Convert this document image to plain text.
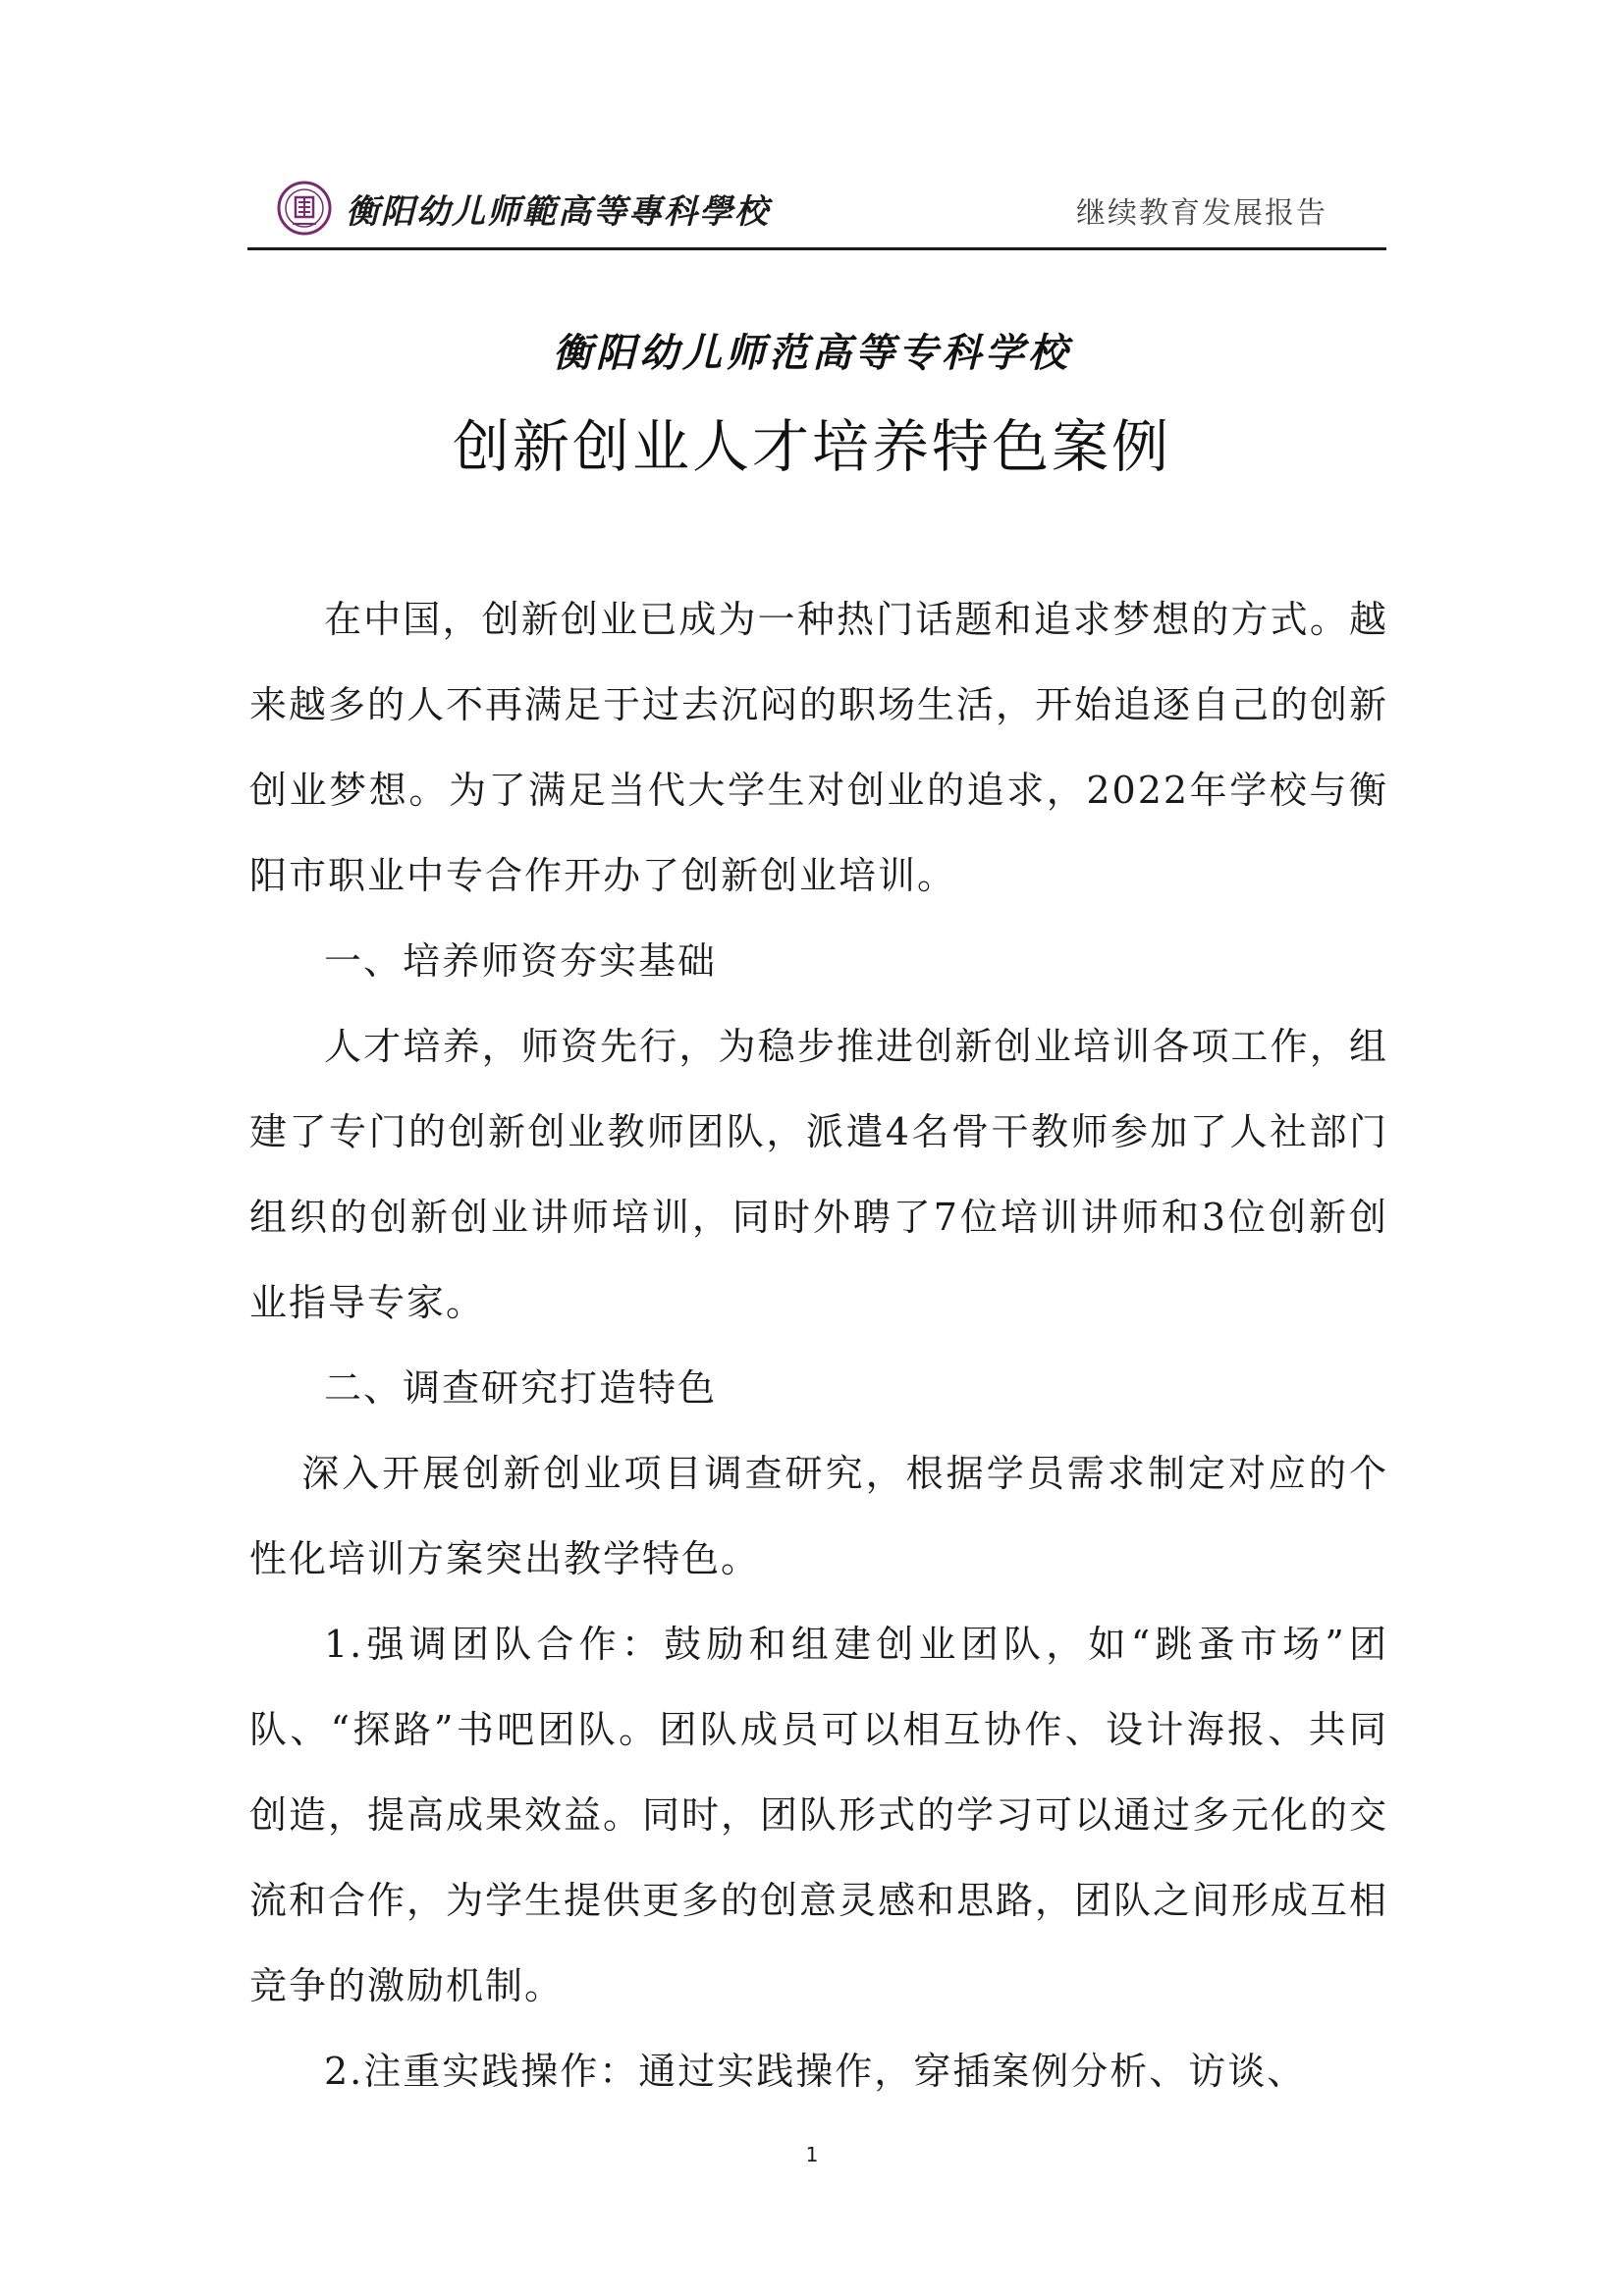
衡阳幼儿师範高等專科學校	继续教育发展报告
衡阳幼儿师范高等专科学校
创新创业人才培养特色案例

在中国，创新创业已成为一种热门话题和追求梦想的方式。越来越多的人不再满足于过去沉闷的职场生活，开始追逐自己的创新创业梦想。为了满足当代大学生对创业的追求，2022年学校与衡阳市职业中专合作开办了创新创业培训。

一、培养师资夯实基础

人才培养，师资先行，为稳步推进创新创业培训各项工作，组建了专门的创新创业教师团队，派遣4名骨干教师参加了人社部门组织的创新创业讲师培训，同时外聘了7位培训讲师和3位创新创业指导专家。

二、调查研究打造特色

深入开展创新创业项目调查研究，根据学员需求制定对应的个性化培训方案突出教学特色。

1.强调团队合作：鼓励和组建创业团队，如“跳蚤市场”团队、“探路”书吧团队。团队成员可以相互协作、设计海报、共同创造，提高成果效益。同时，团队形式的学习可以通过多元化的交流和合作，为学生提供更多的创意灵感和思路，团队之间形成互相竞争的激励机制。

2.注重实践操作：通过实践操作，穿插案例分析、访谈、

1
